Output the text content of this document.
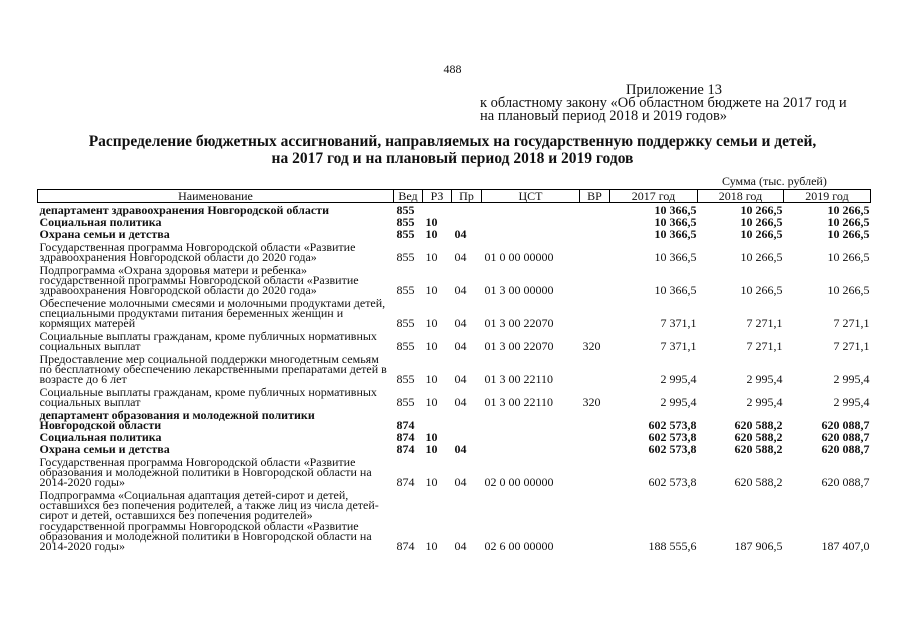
488
Приложение 13
к областному закону «Об областном бюджете на 2017 год и
на плановый период 2018 и 2019 годов»
Распределение бюджетных ассигнований, направляемых на государственную поддержку семьи и детей,
на 2017 год и на плановый период 2018 и 2019 годов
Сумма (тыс. рублей)
Наименование	Вед	РЗ	Пр	ЦСТ	ВР	2017 год	2018 год	2019 год
департамент здравоохранения Новгородской области	855					10 366,5	10 266,5	10 266,5
Социальная политика	855	10				10 366,5	10 266,5	10 266,5
Охрана семьи и детства	855	10	04			10 366,5	10 266,5	10 266,5
Государственная программа Новгородской области «Развитие здравоохранения Новгородской области до 2020 года»	855	10	04	01 0 00 00000		10 366,5	10 266,5	10 266,5
Подпрограмма «Охрана здоровья матери и ребенка» государственной программы Новгородской области «Развитие здравоохранения Новгородской области до 2020 года»	855	10	04	01 3 00 00000		10 366,5	10 266,5	10 266,5
Обеспечение молочными смесями и молочными продуктами детей, специальными продуктами питания беременных женщин и кормящих матерей	855	10	04	01 3 00 22070		7 371,1	7 271,1	7 271,1
Социальные выплаты гражданам, кроме публичных нормативных социальных выплат	855	10	04	01 3 00 22070	320	7 371,1	7 271,1	7 271,1
Предоставление мер социальной поддержки многодетным семьям по бесплатному обеспечению лекарственными препаратами детей в возрасте до 6 лет	855	10	04	01 3 00 22110		2 995,4	2 995,4	2 995,4
Социальные выплаты гражданам, кроме публичных нормативных социальных выплат	855	10	04	01 3 00 22110	320	2 995,4	2 995,4	2 995,4
департамент образования и молодежной политики Новгородской области	874					602 573,8	620 588,2	620 088,7
Социальная политика	874	10				602 573,8	620 588,2	620 088,7
Охрана семьи и детства	874	10	04			602 573,8	620 588,2	620 088,7
Государственная программа Новгородской области «Развитие образования и молодежной политики в Новгородской области на 2014-2020 годы»	874	10	04	02 0 00 00000		602 573,8	620 588,2	620 088,7
Подпрограмма «Социальная адаптация детей-сирот и детей, оставшихся без попечения родителей, а также лиц из числа детей-сирот и детей, оставшихся без попечения родителей» государственной программы Новгородской области «Развитие образования и молодежной политики в Новгородской области на 2014-2020 годы»	874	10	04	02 6 00 00000		188 555,6	187 906,5	187 407,0
